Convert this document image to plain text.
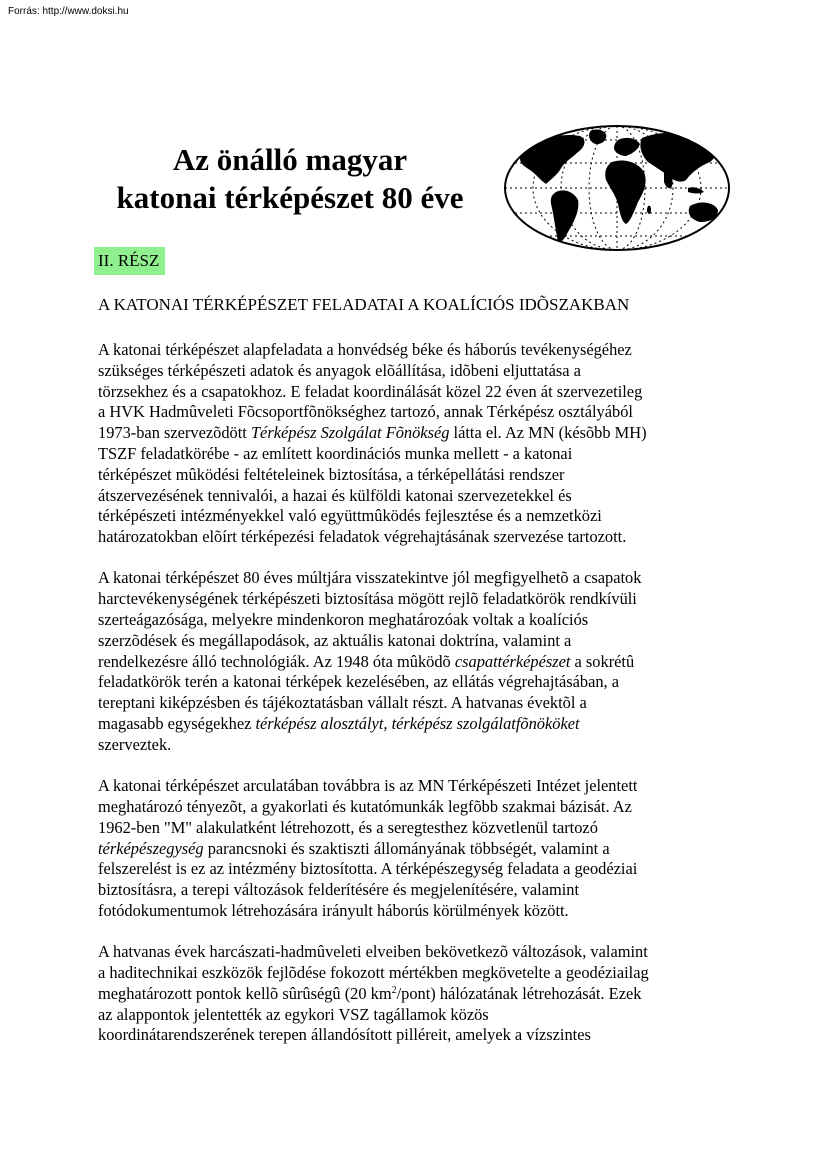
Forrás: http://www.doksi.hu
Az önálló magyar
katonai térképészet 80 éve
II. RÉSZ
A KATONAI TÉRKÉPÉSZET FELADATAI A KOALÍCIÓS IDÕSZAKBAN

A katonai térképészet alapfeladata a honvédség béke és háborús tevékenységéhez
szükséges térképészeti adatok és anyagok elõállítása, idõbeni eljuttatása a
törzsekhez és a csapatokhoz. E feladat koordinálását közel 22 éven át szervezetileg
a HVK Hadmûveleti Fõcsoportfõnökséghez tartozó, annak Térképész osztályából
1973-ban szervezõdött Térképész Szolgálat Fõnökség látta el. Az MN (késõbb MH)
TSZF feladatkörébe - az említett koordinációs munka mellett - a katonai
térképészet mûködési feltételeinek biztosítása, a térképellátási rendszer
átszervezésének tennivalói, a hazai és külföldi katonai szervezetekkel és
térképészeti intézményekkel való együttmûködés fejlesztése és a nemzetközi
határozatokban elõírt térképezési feladatok végrehajtásának szervezése tartozott.

A katonai térképészet 80 éves múltjára visszatekintve jól megfigyelhetõ a csapatok
harctevékenységének térképészeti biztosítása mögött rejlõ feladatkörök rendkívüli
szerteágazósága, melyekre mindenkoron meghatározóak voltak a koalíciós
szerzõdések és megállapodások, az aktuális katonai doktrína, valamint a
rendelkezésre álló technológiák. Az 1948 óta mûködõ csapattérképészet a sokrétû
feladatkörök terén a katonai térképek kezelésében, az ellátás végrehajtásában, a
tereptani kiképzésben és tájékoztatásban vállalt részt. A hatvanas évektõl a
magasabb egységekhez térképész alosztályt, térképész szolgálatfõnököket
szerveztek.

A katonai térképészet arculatában továbbra is az MN Térképészeti Intézet jelentett
meghatározó tényezõt, a gyakorlati és kutatómunkák legfõbb szakmai bázisát. Az
1962-ben "M" alakulatként létrehozott, és a seregtesthez közvetlenül tartozó
térképészegység parancsnoki és szaktiszti állományának többségét, valamint a
felszerelést is ez az intézmény biztosította. A térképészegység feladata a geodéziai
biztosításra, a terepi változások felderítésére és megjelenítésére, valamint
fotódokumentumok létrehozására irányult háborús körülmények között.

A hatvanas évek harcászati-hadmûveleti elveiben bekövetkezõ változások, valamint
a haditechnikai eszközök fejlõdése fokozott mértékben megkövetelte a geodéziailag
meghatározott pontok kellõ sûrûségû (20 $km^2/pont$) hálózatának létrehozását. Ezek
az alappontok jelentették az egykori VSZ tagállamok közös
koordinátarendszerének terepen állandósított pilléreit, amelyek a vízszintes
